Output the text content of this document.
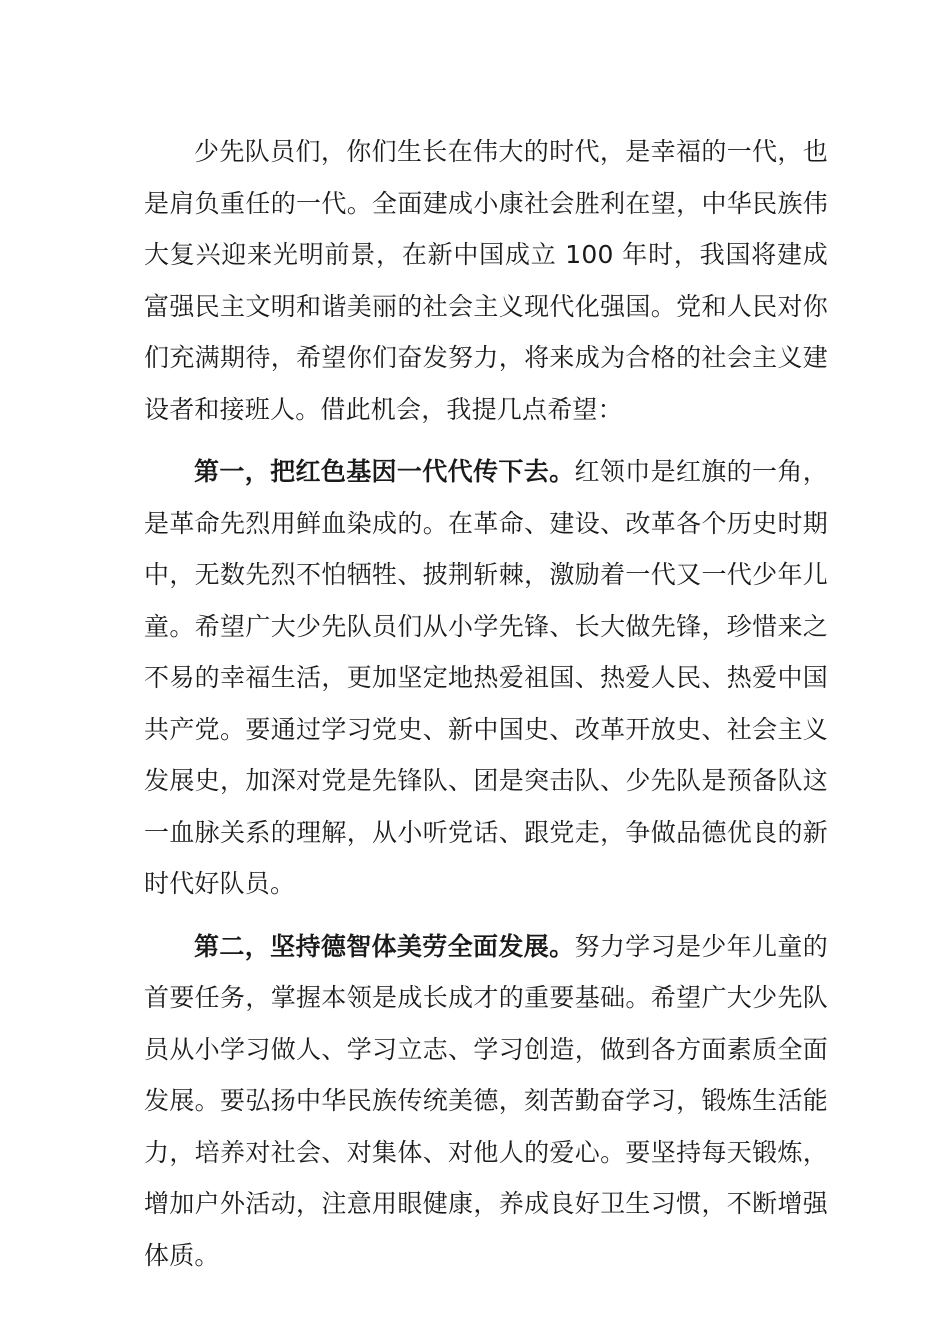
少先队员们，你们生长在伟大的时代，是幸福的一代，也是肩负重任的一代。全面建成小康社会胜利在望，中华民族伟大复兴迎来光明前景，在新中国成立 100 年时，我国将建成富强民主文明和谐美丽的社会主义现代化强国。党和人民对你们充满期待，希望你们奋发努力，将来成为合格的社会主义建设者和接班人。借此机会，我提几点希望：

第一，把红色基因一代代传下去。红领巾是红旗的一角，是革命先烈用鲜血染成的。在革命、建设、改革各个历史时期中，无数先烈不怕牺牲、披荆斩棘，激励着一代又一代少年儿童。希望广大少先队员们从小学先锋、长大做先锋，珍惜来之不易的幸福生活，更加坚定地热爱祖国、热爱人民、热爱中国共产党。要通过学习党史、新中国史、改革开放史、社会主义发展史，加深对党是先锋队、团是突击队、少先队是预备队这一血脉关系的理解，从小听党话、跟党走，争做品德优良的新时代好队员。

第二，坚持德智体美劳全面发展。努力学习是少年儿童的首要任务，掌握本领是成长成才的重要基础。希望广大少先队员从小学习做人、学习立志、学习创造，做到各方面素质全面发展。要弘扬中华民族传统美德，刻苦勤奋学习，锻炼生活能力，培养对社会、对集体、对他人的爱心。要坚持每天锻炼，增加户外活动，注意用眼健康，养成良好卫生习惯，不断增强体质。
